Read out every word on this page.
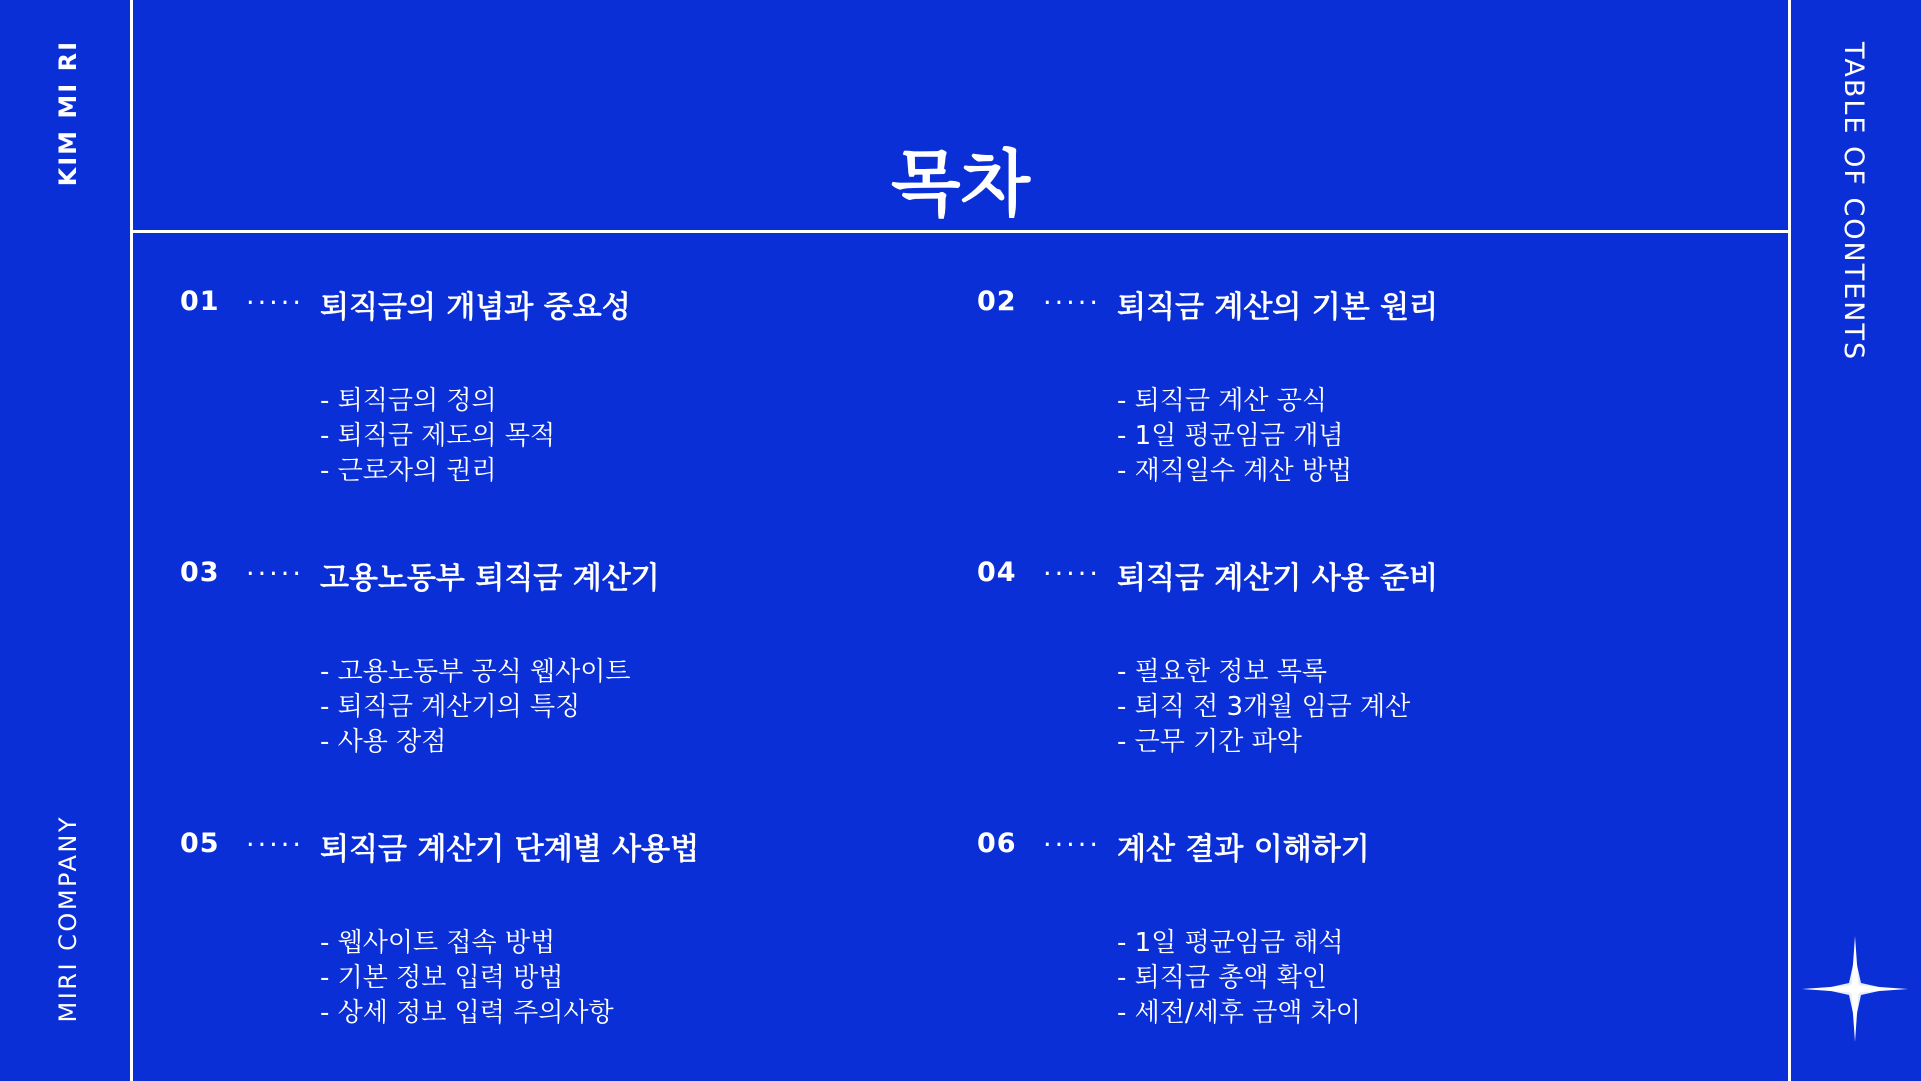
KIM MI RI
MIRI COMPANY
TABLE OF CONTENTS
목차
01 ..... 퇴직금의 개념과 중요성
- 퇴직금의 정의
- 퇴직금 제도의 목적
- 근로자의 권리
02 ..... 퇴직금 계산의 기본 원리
- 퇴직금 계산 공식
- 1일 평균임금 개념
- 재직일수 계산 방법
03 ..... 고용노동부 퇴직금 계산기
- 고용노동부 공식 웹사이트
- 퇴직금 계산기의 특징
- 사용 장점
04 ..... 퇴직금 계산기 사용 준비
- 필요한 정보 목록
- 퇴직 전 3개월 임금 계산
- 근무 기간 파악
05 ..... 퇴직금 계산기 단계별 사용법
- 웹사이트 접속 방법
- 기본 정보 입력 방법
- 상세 정보 입력 주의사항
06 ..... 계산 결과 이해하기
- 1일 평균임금 해석
- 퇴직금 총액 확인
- 세전/세후 금액 차이
